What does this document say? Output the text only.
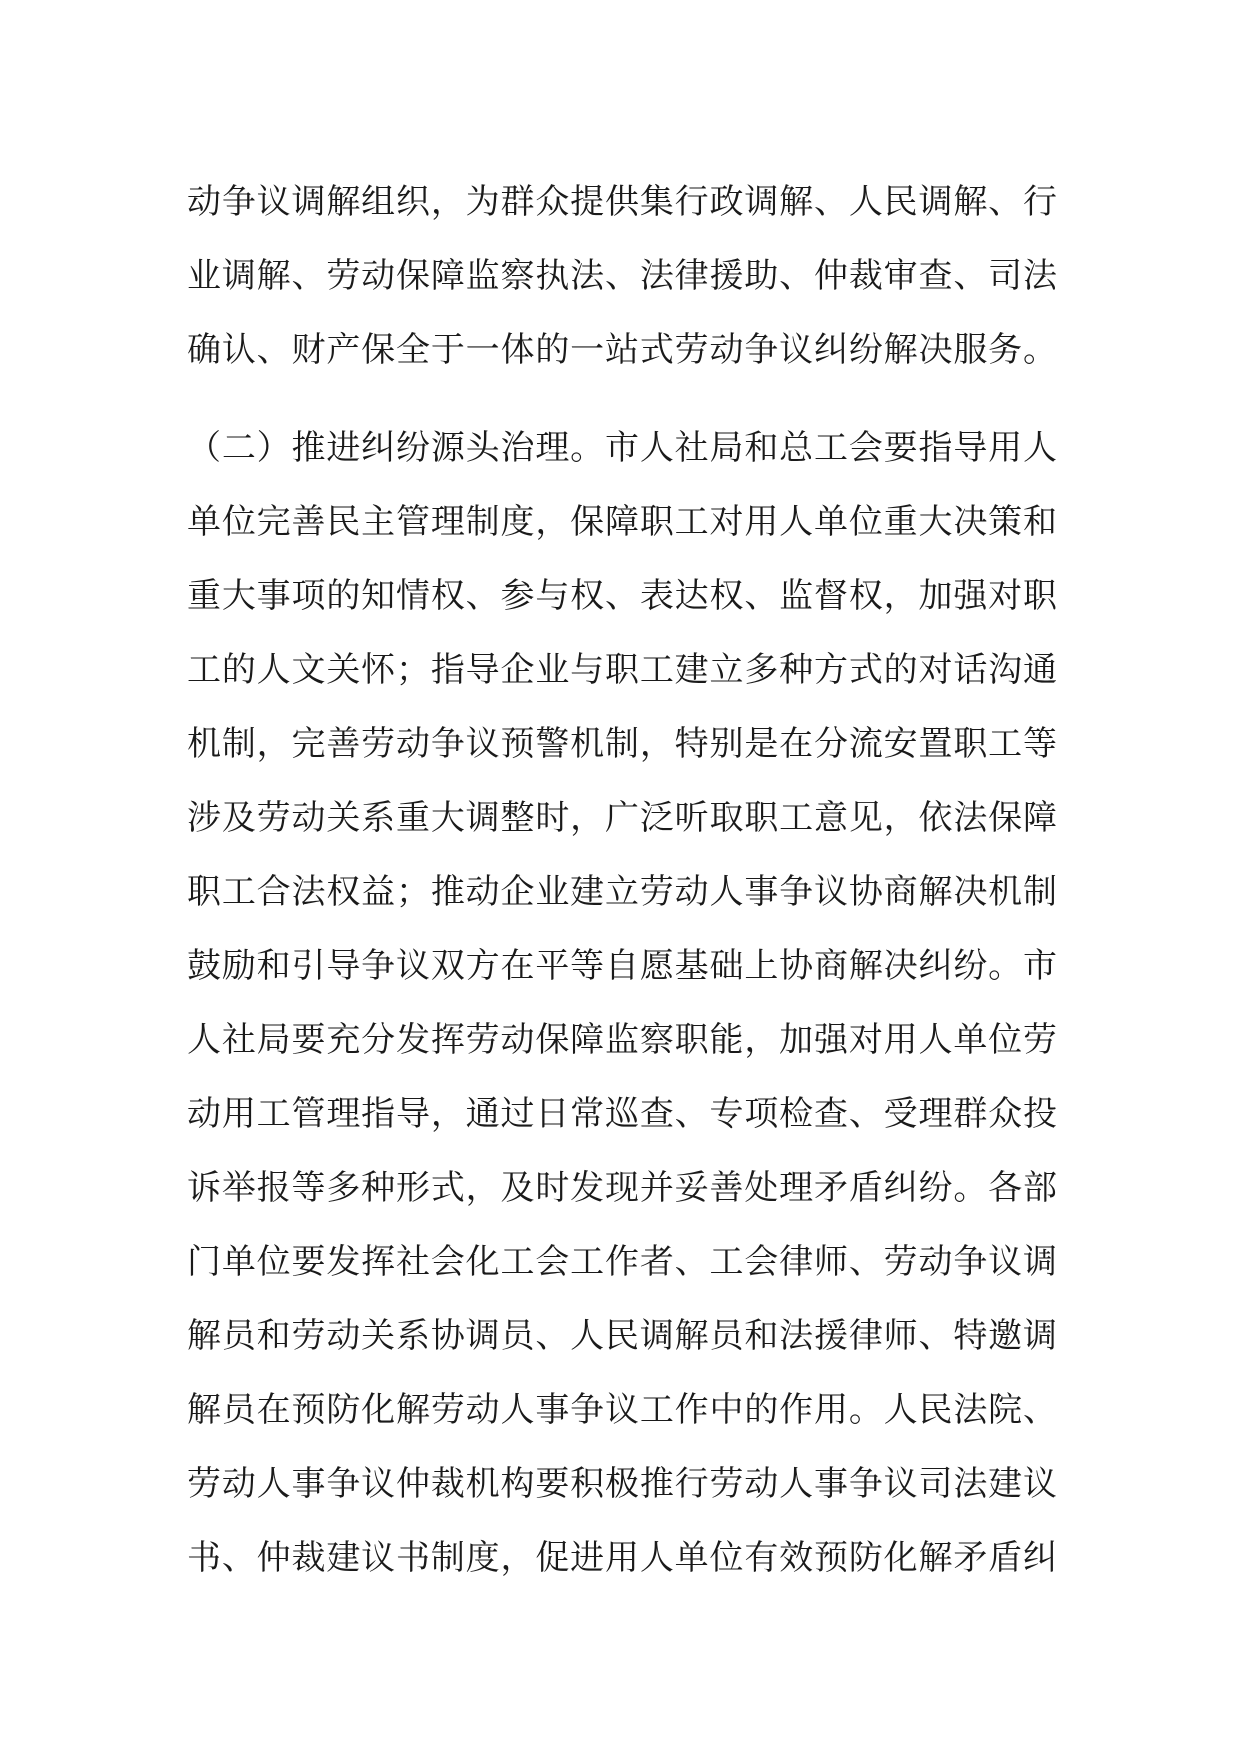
动争议调解组织，为群众提供集行政调解、人民调解、行
业调解、劳动保障监察执法、法律援助、仲裁审查、司法
确认、财产保全于一体的一站式劳动争议纠纷解决服务。
（二）推进纠纷源头治理。市人社局和总工会要指导用人
单位完善民主管理制度，保障职工对用人单位重大决策和
重大事项的知情权、参与权、表达权、监督权，加强对职
工的人文关怀；指导企业与职工建立多种方式的对话沟通
机制，完善劳动争议预警机制，特别是在分流安置职工等
涉及劳动关系重大调整时，广泛听取职工意见，依法保障
职工合法权益；推动企业建立劳动人事争议协商解决机制
鼓励和引导争议双方在平等自愿基础上协商解决纠纷。市
人社局要充分发挥劳动保障监察职能，加强对用人单位劳
动用工管理指导，通过日常巡查、专项检查、受理群众投
诉举报等多种形式，及时发现并妥善处理矛盾纠纷。各部
门单位要发挥社会化工会工作者、工会律师、劳动争议调
解员和劳动关系协调员、人民调解员和法援律师、特邀调
解员在预防化解劳动人事争议工作中的作用。人民法院、
劳动人事争议仲裁机构要积极推行劳动人事争议司法建议
书、仲裁建议书制度，促进用人单位有效预防化解矛盾纠
